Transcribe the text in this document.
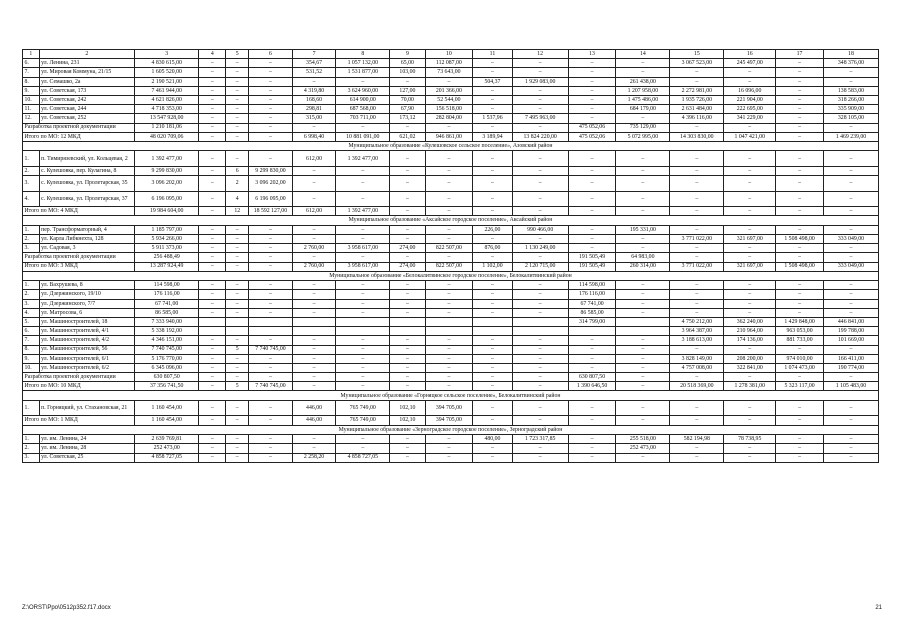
1	2	3	4	5	6	7	8	9	10	11	12	13	14	15	16	17	18
6.	ул. Ленина, 231	4 830 615,00	–	–	–	354,67	1 057 132,00	65,00	112 087,00	–	–	–	–	3 067 523,00	245 497,00	–	348 376,00
7.	ул. Мировая Коммуна, 21/15	1 605 520,00	–	–	–	531,52	1 531 877,00	103,00	73 643,00	–	–	–	–	–	–	–	–
8.	ул. Семашко, 2а	2 190 521,00	–	–	–	–	–	–	–	504,37	1 929 083,00	–	261 438,00	–	–	–	–
9.	ул. Советская, 173	7 461 944,00	–	–	–	4 319,80	3 624 960,00	127,00	201 366,00	–	–	–	1 207 958,00	2 272 981,00	16 096,00	–	138 583,00
10.	ул. Советская, 242	4 621 826,00	–	–	–	168,60	614 900,00	70,00	52 544,00	–	–	–	1 475 486,00	1 935 726,00	221 904,00	–	318 266,00
11.	ул. Советская, 244	4 718 353,00	–	–	–	298,81	687 568,00	67,90	156 518,00	–	–	–	684 179,00	2 631 484,00	222 695,00	–	335 909,00
12.	ул. Советская, 252	13 547 928,00	–	–	–	315,00	703 711,00	173,12	282 804,00	1 537,96	7 495 963,00	–	–	4 396 116,00	341 229,00	–	328 105,00
Разработка проектной документации		1 210 181,06	–	–	–	–	–	–	–	–	–	475 052,06	735 129,00	–	–	–	–
Итого по МО: 12 МКД		48 020 709,06	–	–	–	6 998,40	10 881 091,00	621,02	946 861,00	3 189,94	13 824 220,00	475 052,06	5 072 995,00	14 303 830,00	1 047 421,00	–	1 469 239,00
Муниципальное образование «Кулешовское сельское поселение», Азовский район																	
1.	п. Тимирязевский, ул. Кольцевая, 2	1 392 477,00	–	–	–	612,00	1 392 477,00	–	–	–	–	–	–	–	–	–	–
2.	с. Кулешовка, пер. Кулагина, 8	9 299 830,00	–	6	9 299 830,00	–	–	–	–	–	–	–	–	–	–	–	–
3.	с. Кулешовка, ул. Пролетарская, 35	3 096 202,00	–	2	3 096 202,00	–	–	–	–	–	–	–	–	–	–	–	–
4.	с. Кулешовка, ул. Пролетарская, 37	6 196 095,00	–	4	6 196 095,00	–	–	–	–	–	–	–	–	–	–	–	–
Итого по МО: 4 МКД		19 984 604,00	–	12	18 592 127,00	612,00	1 392 477,00	–	–	–	–	–	–	–	–	–	–
Муниципальное образование «Аксайское городское поселение», Аксайский район																	
1.	пер. Трансформаторный, 4	1 185 797,00	–	–	–	–	–	–	–	226,00	990 466,00	–	195 331,00	–	–	–	–
2.	ул. Карла Либкнехта, 128	5 934 266,00	–	–	–	–	–	–	–	–	–	–	–	3 771 022,00	321 697,00	1 508 498,00	333 049,00
3.	ул. Садовая, 3	5 911 373,00	–	–	–	2 760,00	3 958 617,00	274,00	822 507,00	876,00	1 130 249,00	–	–	–	–	–	–
Разработка проектной документации		256 488,49	–	–	–	–	–	–	–	–	–	191 505,49	64 983,00	–	–	–	–
Итого по МО: 3 МКД		13 287 924,49	–	–	–	2 760,00	3 958 617,00	274,00	822 507,00	1 102,00	2 120 715,00	191 505,49	260 314,00	3 771 022,00	321 697,00	1 508 498,00	333 049,00
Муниципальное образование «Белокалитвинское городское поселение», Белокалитвинский район																	
1.	ул. Вахрушева, 8	114 598,00	–	–	–	–	–	–	–	–	–	114 598,00	–	–	–	–	–
2.	ул. Дзержинского, 19/10	176 116,00	–	–	–	–	–	–	–	–	–	176 116,00	–	–	–	–	–
3.	ул. Дзержинского, 7/7	67 741,00	–	–	–	–	–	–	–	–	–	67 741,00	–	–	–	–	–
4.	ул. Матросова, 6	86 585,00	–	–	–	–	–	–	–	–	–	86 585,00	–	–	–	–	–
5.	ул. Машиностроителей, 18	7 333 940,00										314 799,00		4 750 212,00	362 240,00	1 429 848,00	446 841,00
6.	ул. Машиностроителей, 4/1	5 338 192,00												3 964 387,00	210 964,00	963 053,00	199 788,00
7.	ул. Машиностроителей, 4/2	4 346 151,00	–	–	–	–	–	–	–	–	–	–	–	3 188 613,00	174 136,00	881 733,00	101 669,00
8.	ул. Машиностроителей, 56	7 740 745,00	–	5	7 740 745,00	–	–	–	–	–	–	–	–	–	–	–	–
9.	ул. Машиностроителей, 6/1	5 176 770,00	–	–	–	–	–	–	–	–	–	–	–	3 828 149,00	208 200,00	974 010,00	166 411,00
10.	ул. Машиностроителей, 6/2	6 345 096,00	–	–	–	–	–	–	–	–	–	–	–	4 757 008,00	322 841,00	1 074 473,00	190 774,00
Разработка проектной документации		630 807,50	–	–	–	–	–	–	–	–	–	630 807,50	–	–	–	–	–
Итого по МО: 10 МКД		37 356 741,50	–	5	7 740 745,00	–	–	–	–	–	–	1 390 646,50	–	20 518 369,00	1 278 381,00	5 323 117,00	1 105 483,00
Муниципальное образование «Горняцкое сельское поселение», Белокалитвинский район																	
1.	п. Горняцкий, ул. Стахановская, 21	1 160 454,00	–	–	–	446,00	765 749,00	102,10	394 705,00	–	–	–	–	–	–	–	–
Итого по МО: 1 МКД		1 160 454,00	–	–	–	446,00	765 749,00	102,10	394 705,00	–	–	–	–	–	–	–	–
Муниципальное образование «Зерноградское городское поселение», Зерноградский район																	
1.	ул. им. Ленина, 24	2 639 769,81	–	–	–	–	–	–	–	480,00	1 723 317,85	–	255 518,00	582 194,98	78 738,95	–	–
2.	ул. им. Ленина, 28	252 473,00	–	–	–	–	–	–	–	–	–	–	252 473,00	–	–	–	–
3.	ул. Советская, 25	4 858 727,05	–	–	–	2 258,20	4 858 727,05	–	–	–	–	–	–	–	–	–	–
Z:\ORST\Ppo\0512p352.f17.docx	21
